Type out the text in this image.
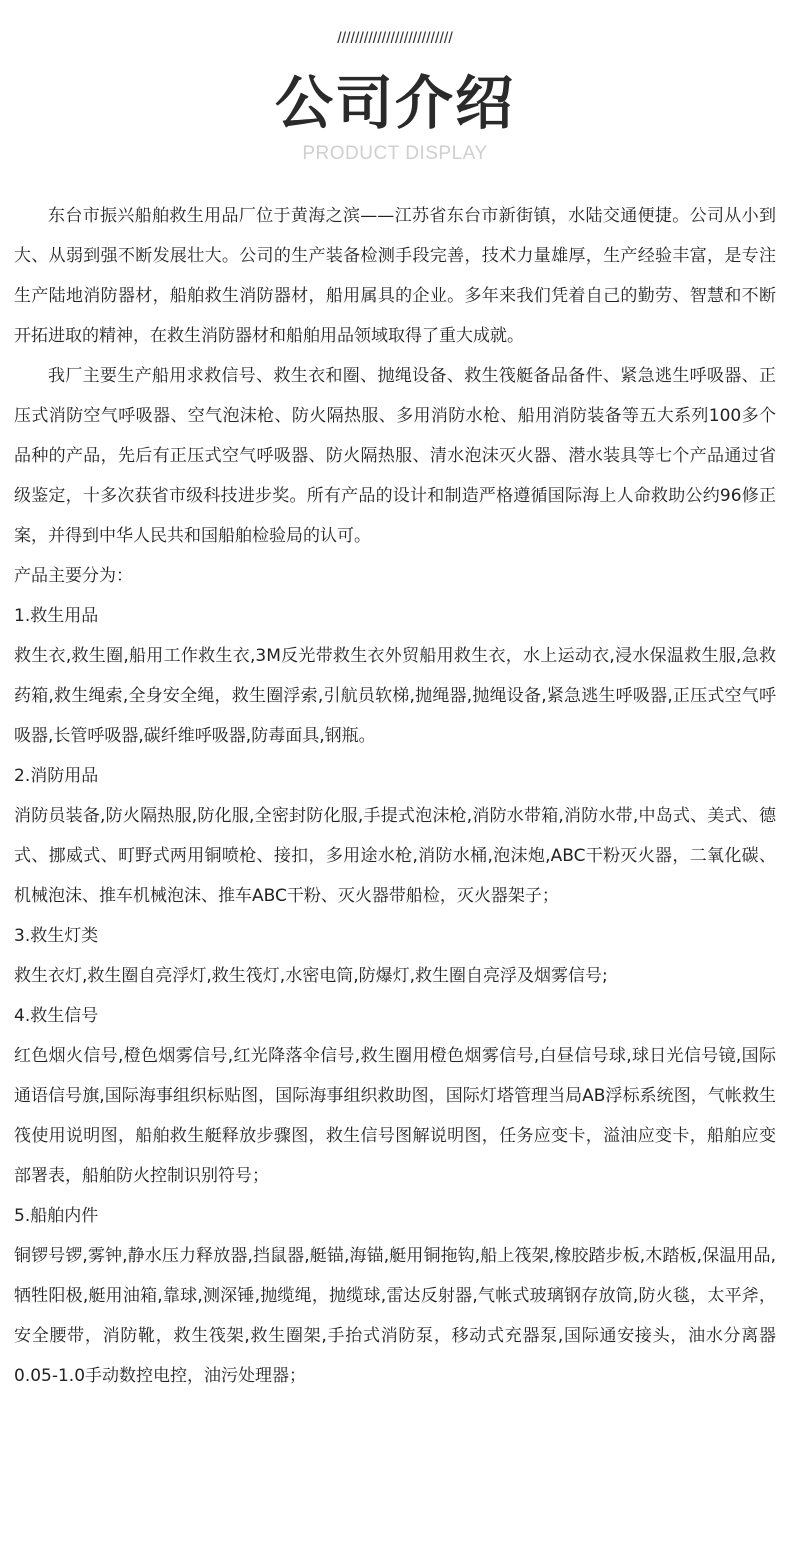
//////////////////////////
公司介绍
PRODUCT DISPLAY

东台市振兴船舶救生用品厂位于黄海之滨——江苏省东台市新街镇，水陆交通便捷。公司从小到大、从弱到强不断发展壮大。公司的生产装备检测手段完善，技术力量雄厚，生产经验丰富，是专注生产陆地消防器材，船舶救生消防器材，船用属具的企业。多年来我们凭着自己的勤劳、智慧和不断开拓进取的精神，在救生消防器材和船舶用品领域取得了重大成就。

我厂主要生产船用求救信号、救生衣和圈、抛绳设备、救生筏艇备品备件、紧急逃生呼吸器、正压式消防空气呼吸器、空气泡沫枪、防火隔热服、多用消防水枪、船用消防装备等五大系列100多个品种的产品，先后有正压式空气呼吸器、防火隔热服、清水泡沫灭火器、潜水装具等七个产品通过省级鉴定，十多次获省市级科技进步奖。所有产品的设计和制造严格遵循国际海上人命救助公约96修正案，并得到中华人民共和国船舶检验局的认可。

产品主要分为：

1.救生用品

救生衣,救生圈,船用工作救生衣,3M反光带救生衣外贸船用救生衣，水上运动衣,浸水保温救生服,急救药箱,救生绳索,全身安全绳，救生圈浮索,引航员软梯,抛绳器,抛绳设备,紧急逃生呼吸器,正压式空气呼吸器,长管呼吸器,碳纤维呼吸器,防毒面具,钢瓶。

2.消防用品

消防员装备,防火隔热服,防化服,全密封防化服,手提式泡沫枪,消防水带箱,消防水带,中岛式、美式、德式、挪威式、町野式两用铜喷枪、接扣，多用途水枪,消防水桶,泡沫炮,ABC干粉灭火器，二氧化碳、机械泡沫、推车机械泡沫、推车ABC干粉、灭火器带船检，灭火器架子；

3.救生灯类

救生衣灯,救生圈自亮浮灯,救生筏灯,水密电筒,防爆灯,救生圈自亮浮及烟雾信号;

4.救生信号

红色烟火信号,橙色烟雾信号,红光降落伞信号,救生圈用橙色烟雾信号,白昼信号球,球日光信号镜,国际通语信号旗,国际海事组织标贴图，国际海事组织救助图，国际灯塔管理当局AB浮标系统图，气帐救生筏使用说明图，船舶救生艇释放步骤图，救生信号图解说明图，任务应变卡，溢油应变卡，船舶应变部署表，船舶防火控制识别符号；

5.船舶内件

铜锣号锣,雾钟,静水压力释放器,挡鼠器,艇锚,海锚,艇用铜拖钩,船上筏架,橡胶踏步板,木踏板,保温用品,牺牲阳极,艇用油箱,靠球,测深锤,抛缆绳，抛缆球,雷达反射器,气帐式玻璃钢存放筒,防火毯，太平斧，安全腰带，消防靴，救生筏架,救生圈架,手抬式消防泵，移动式充器泵,国际通安接头，油水分离器0.05-1.0手动数控电控，油污处理器；
